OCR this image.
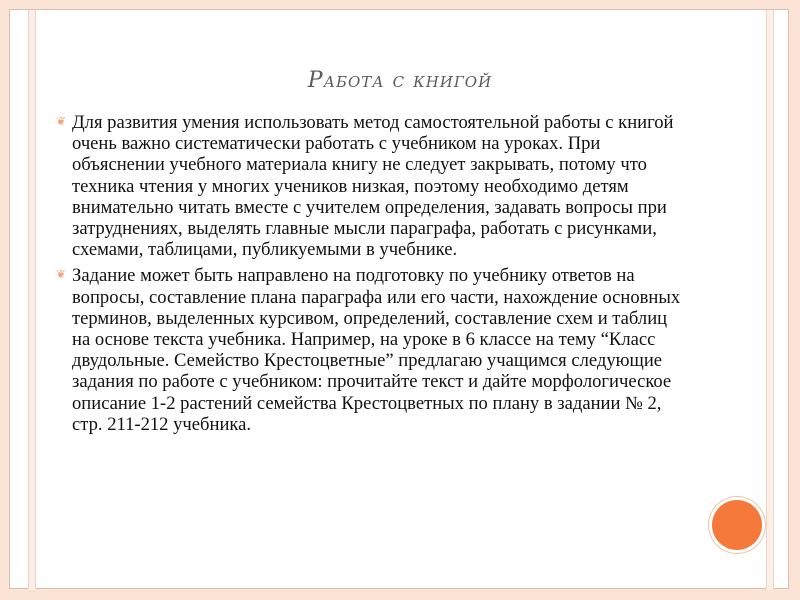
Работа с книгой
❦ Для развития умения использовать метод самостоятельной работы с книгой очень важно систематически работать с учебником на уроках. При объяснении учебного материала книгу не следует закрывать, потому что техника чтения у многих учеников низкая, поэтому необходимо детям внимательно читать вместе с учителем определения, задавать вопросы при затруднениях, выделять главные мысли параграфа, работать с рисунками, схемами, таблицами, публикуемыми в учебнике.
❦ Задание может быть направлено на подготовку по учебнику ответов на вопросы, составление плана параграфа или его части, нахождение основных терминов, выделенных курсивом, определений, составление схем и таблиц на основе текста учебника. Например, на уроке в 6 классе на тему “Класс двудольные. Семейство Крестоцветные” предлагаю учащимся следующие задания по работе с учебником: прочитайте текст и дайте морфологическое описание 1-2 растений семейства Крестоцветных по плану в задании № 2, стр. 211-212 учебника.
